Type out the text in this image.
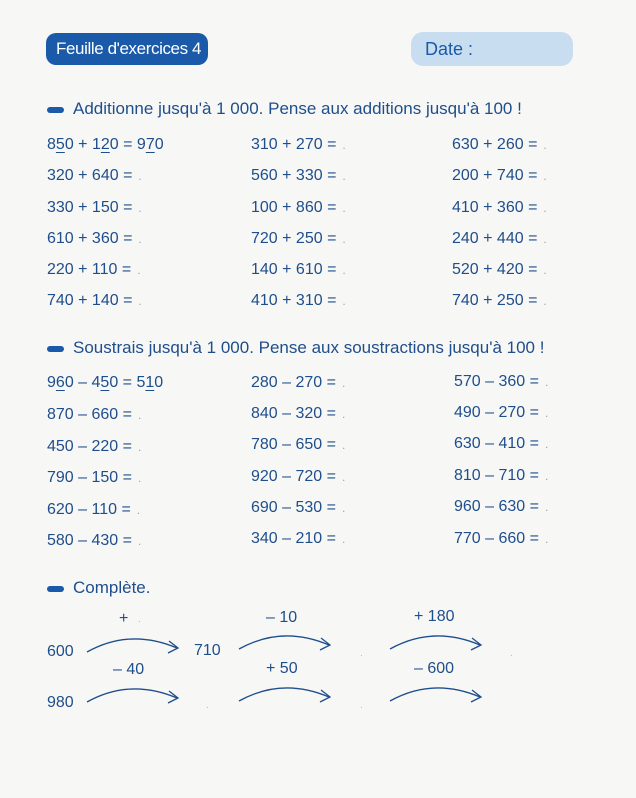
Feuille d'exercices 4	Date :
Additionne jusqu'à 1 000. Pense aux additions jusqu'à 100 !
850 + 120 = 970
320 + 640 = .
330 + 150 = .
610 + 360 = .
220 + 110 = .
740 + 140 = .
310 + 270 = .
560 + 330 = .
100 + 860 = .
720 + 250 = .
140 + 610 = .
410 + 310 = .
630 + 260 = .
200 + 740 = .
410 + 360 = .
240 + 440 = .
520 + 420 = .
740 + 250 = .
Soustrais jusqu'à 1 000. Pense aux soustractions jusqu'à 100 !
960 – 450 = 510
870 – 660 = .
450 – 220 = .
790 – 150 = .
620 – 110 = .
580 – 430 = .
280 – 270 = .
840 – 320 = .
780 – 650 = .
920 – 720 = .
690 – 530 = .
340 – 210 = .
570 – 360 = .
490 – 270 = .
630 – 410 = .
810 – 710 = .
960 – 630 = .
770 – 660 = .
Complète.
600
+ .
710
– 10
.
+ 180
.
980
– 40
.
+ 50
.
– 600
